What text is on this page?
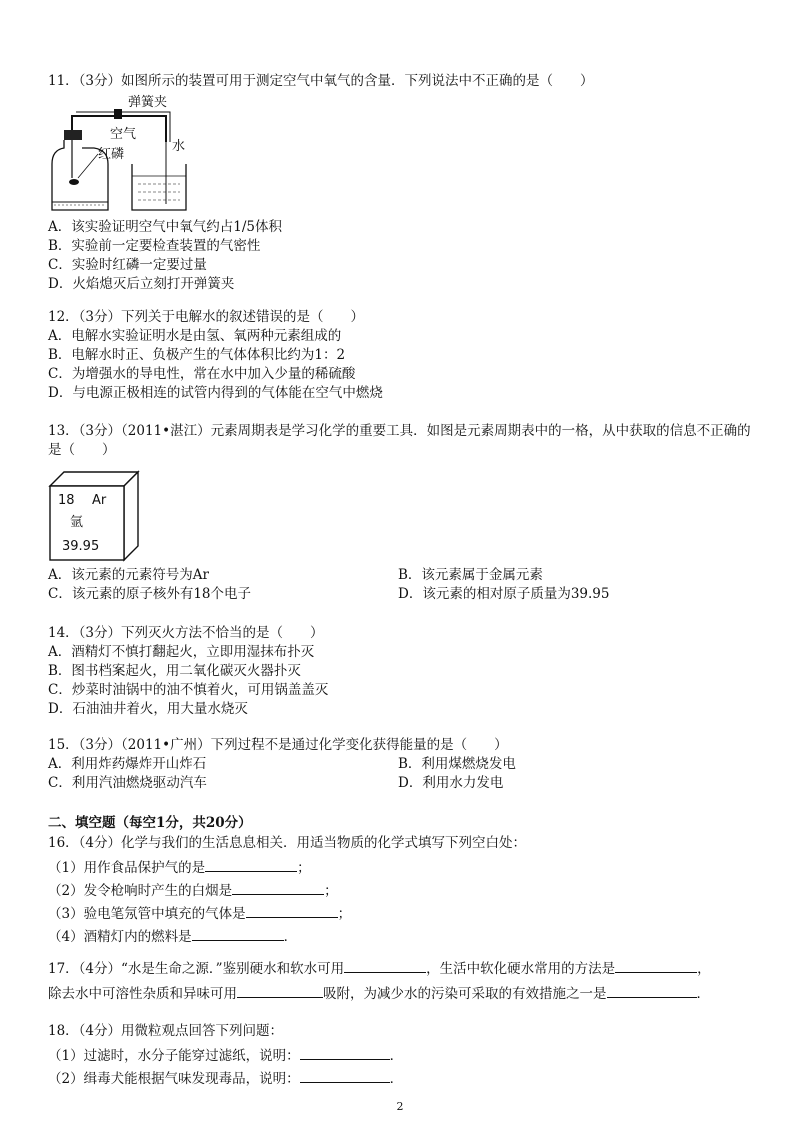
11．（3分）如图所示的装置可用于测定空气中氧气的含量．下列说法中不正确的是（　　）
弹簧夹
空气
红磷
水
A．该实验证明空气中氧气约占1/5体积
B．实验前一定要检查装置的气密性
C．实验时红磷一定要过量
D．火焰熄灭后立刻打开弹簧夹
12．（3分）下列关于电解水的叙述错误的是（　　）
A．电解水实验证明水是由氢、氧两种元素组成的
B．电解水时正、负极产生的气体体积比约为1：2
C．为增强水的导电性，常在水中加入少量的稀硫酸
D．与电源正极相连的试管内得到的气体能在空气中燃烧
13．（3分）（2011•湛江）元素周期表是学习化学的重要工具．如图是元素周期表中的一格，从中获取的信息不正确的
是（　　）
18 Ar
氩
39.95
A．该元素的元素符号为Ar	B．该元素属于金属元素
C．该元素的原子核外有18个电子	D．该元素的相对原子质量为39.95
14．（3分）下列灭火方法不恰当的是（　　）
A．酒精灯不慎打翻起火，立即用湿抹布扑灭
B．图书档案起火，用二氧化碳灭火器扑灭
C．炒菜时油锅中的油不慎着火，可用锅盖盖灭
D．石油油井着火，用大量水烧灭
15．（3分）（2011•广州）下列过程不是通过化学变化获得能量的是（　　）
A．利用炸药爆炸开山炸石	B．利用煤燃烧发电
C．利用汽油燃烧驱动汽车	D．利用水力发电
二、填空题（每空1分，共20分）
16．（4分）化学与我们的生活息息相关．用适当物质的化学式填写下列空白处：
（1）用作食品保护气的是	；
（2）发令枪响时产生的白烟是	；
（3）验电笔氖管中填充的气体是	；
（4）酒精灯内的燃料是	．
17．（4分）“水是生命之源．”鉴别硬水和软水可用	，生活中软化硬水常用的方法是	，
除去水中可溶性杂质和异味可用	吸附，为减少水的污染可采取的有效措施之一是	．
18．（4分）用微粒观点回答下列问题：
（1）过滤时，水分子能穿过滤纸，说明：	．
（2）缉毒犬能根据气味发现毒品，说明：	．
2
